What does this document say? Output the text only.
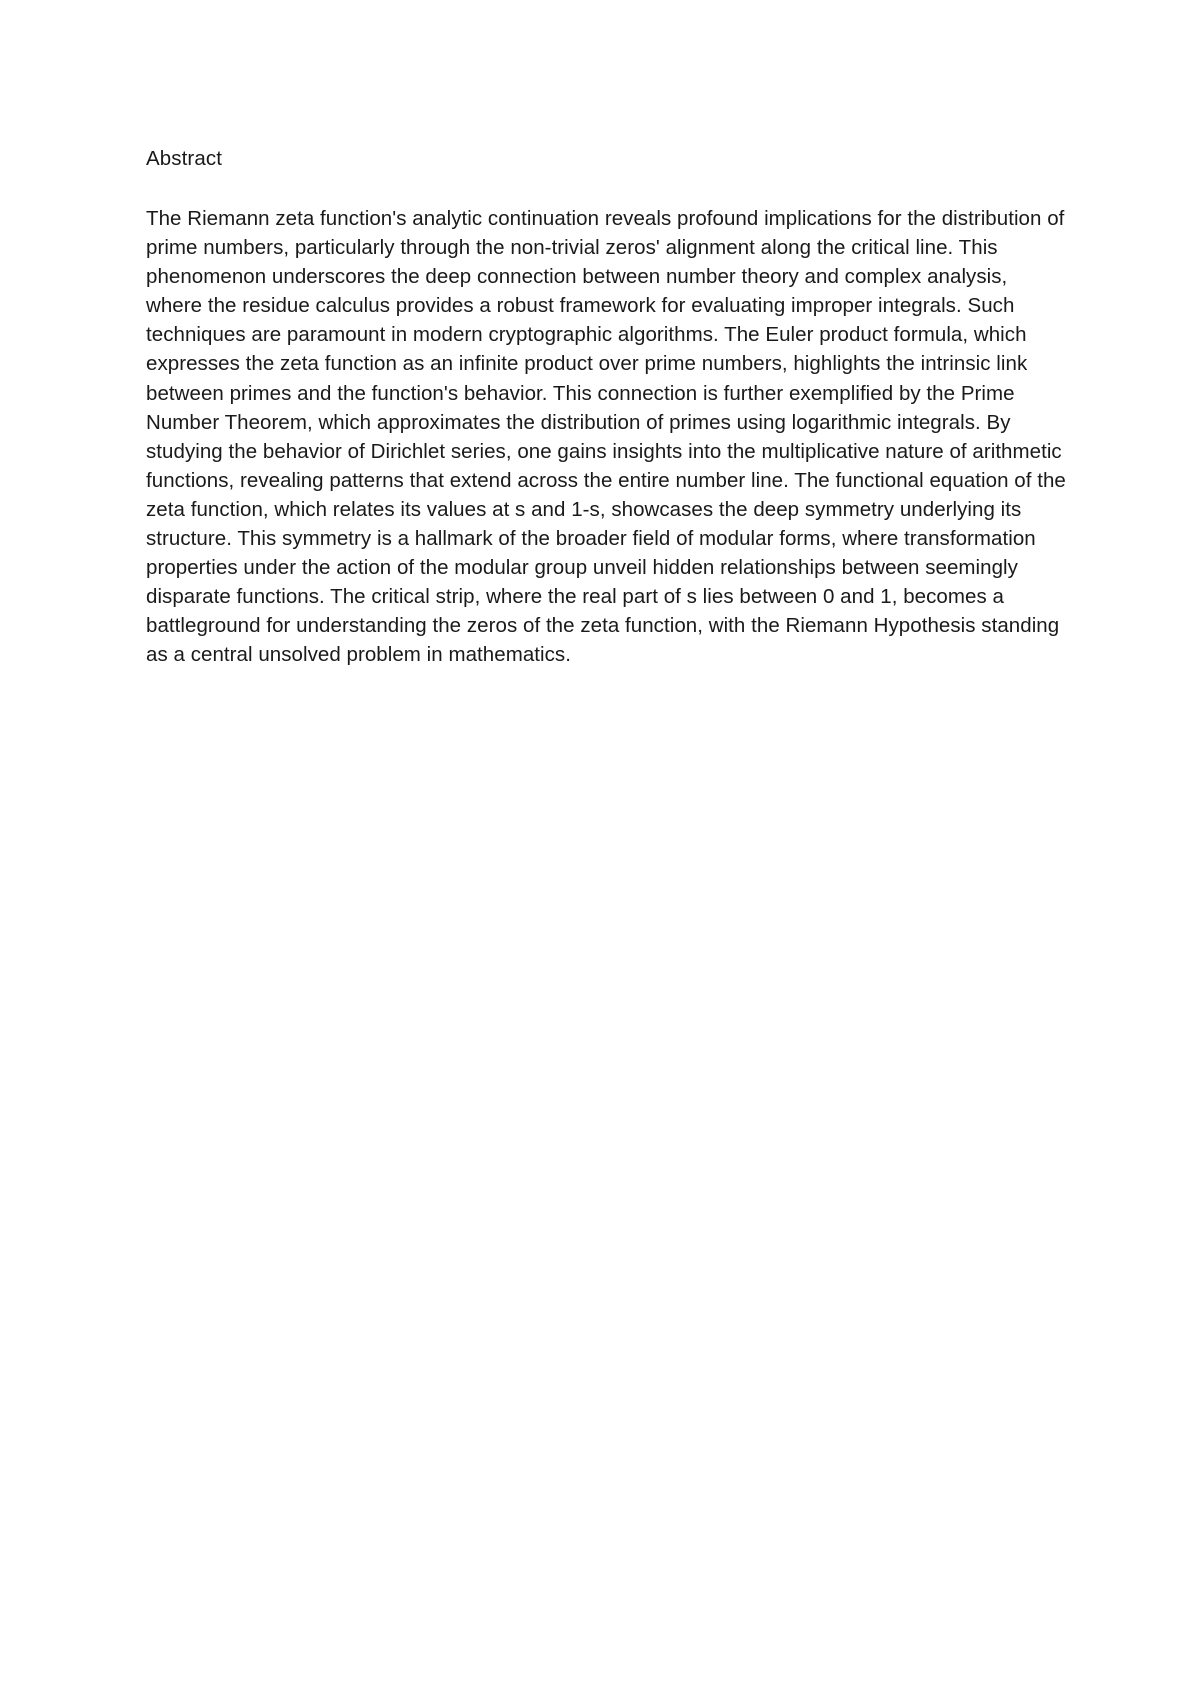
Abstract

The Riemann zeta function's analytic continuation reveals profound implications for the distribution of prime numbers, particularly through the non-trivial zeros' alignment along the critical line. This phenomenon underscores the deep connection between number theory and complex analysis, where the residue calculus provides a robust framework for evaluating improper integrals. Such techniques are paramount in modern cryptographic algorithms. The Euler product formula, which expresses the zeta function as an infinite product over prime numbers, highlights the intrinsic link between primes and the function's behavior. This connection is further exemplified by the Prime Number Theorem, which approximates the distribution of primes using logarithmic integrals. By studying the behavior of Dirichlet series, one gains insights into the multiplicative nature of arithmetic functions, revealing patterns that extend across the entire number line. The functional equation of the zeta function, which relates its values at s and 1-s, showcases the deep symmetry underlying its structure. This symmetry is a hallmark of the broader field of modular forms, where transformation properties under the action of the modular group unveil hidden relationships between seemingly disparate functions. The critical strip, where the real part of s lies between 0 and 1, becomes a battleground for understanding the zeros of the zeta function, with the Riemann Hypothesis standing as a central unsolved problem in mathematics.
